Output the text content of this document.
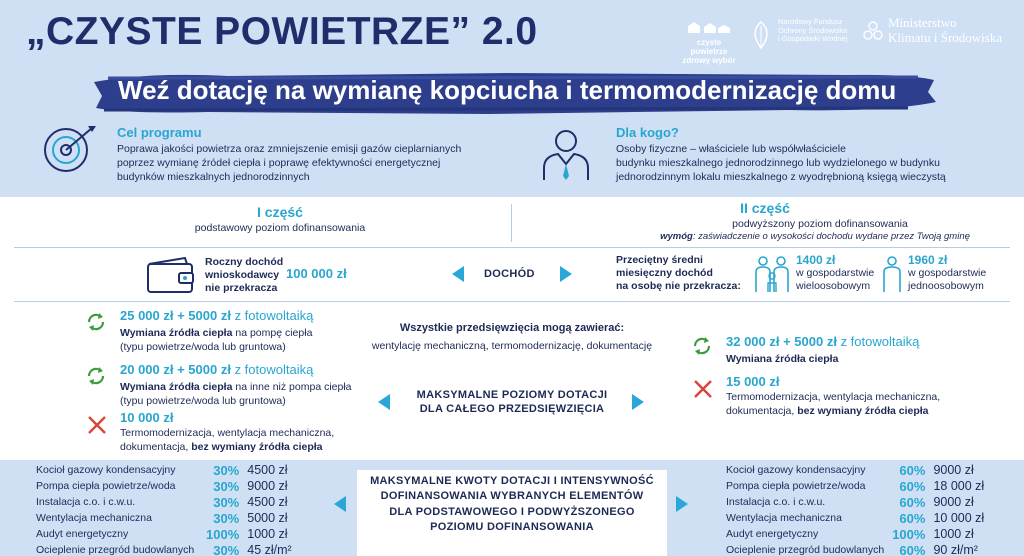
„CZYSTE POWIETRZE” 2.0	czyste powietrze
zdrowy wybór
Narodowy Fundusz
Ochrony Środowiska
i Gospodarki Wodnej
Ministerstwo
Klimatu i Środowiska
Weź dotację na wymianę kopciucha i termomodernizację domu
Cel programu
Poprawa jakości powietrza oraz zmniejszenie emisji gazów cieplarnianych
poprzez wymianę źródeł ciepła i poprawę efektywności energetycznej
budynków mieszkalnych jednorodzinnych
Dla kogo?
Osoby fizyczne – właściciele lub współwłaściciele
budynku mieszkalnego jednorodzinnego lub wydzielonego w budynku
jednorodzinnym lokalu mieszkalnego z wyodrębnioną księgą wieczystą
I część
podstawowy poziom dofinansowania
II część
podwyższony poziom dofinansowania
wymóg: zaświadczenie o wysokości dochodu wydane przez Twoją gminę
Roczny dochód
wnioskodawcy
nie przekracza
100 000 zł	DOCHÓD
Przeciętny średni
miesięczny dochód
na osobę nie przekracza:
1400 zł
w gospodarstwie
wieloosobowym
1960 zł
w gospodarstwie
jednoosobowym
25 000 zł + 5000 zł z fotowoltaiką
Wymiana źródła ciepła na pompę ciepła
(typu powietrze/woda lub gruntowa)
20 000 zł + 5000 zł z fotowoltaiką
Wymiana źródła ciepła na inne niż pompa ciepła
(typu powietrze/woda lub gruntowa)
10 000 zł
Termomodernizacja, wentylacja mechaniczna,
dokumentacja, bez wymiany źródła ciepła
Wszystkie przedsięwzięcia mogą zawierać:
wentylację mechaniczną, termomodernizację, dokumentację
MAKSYMALNE POZIOMY DOTACJI
DLA CAŁEGO PRZEDSIĘWZIĘCIA
32 000 zł + 5000 zł z fotowoltaiką
Wymiana źródła ciepła
15 000 zł
Termomodernizacja, wentylacja mechaniczna,
dokumentacja, bez wymiany źródła ciepła
Kocioł gazowy kondensacyjny	30%	4500 zł
Pompa ciepła powietrze/woda	30%	9000 zł
Instalacja c.o. i c.w.u.	30%	4500 zł
Wentylacja mechaniczna	30%	5000 zł
Audyt energetyczny	100%	1000 zł
Ocieplenie przegród budowlanych	30%	45 zł/m²
Kocioł gazowy kondensacyjny	60%	9000 zł
Pompa ciepła powietrze/woda	60%	18 000 zł
Instalacja c.o. i c.w.u.	60%	9000 zł
Wentylacja mechaniczna	60%	10 000 zł
Audyt energetyczny	100%	1000 zł
Ocieplenie przegród budowlanych	60%	90 zł/m²
MAKSYMALNE KWOTY DOTACJI I INTENSYWNOŚĆ
DOFINANSOWANIA WYBRANYCH ELEMENTÓW
DLA PODSTAWOWEGO I PODWYŻSZONEGO
POZIOMU DOFINANSOWANIA
